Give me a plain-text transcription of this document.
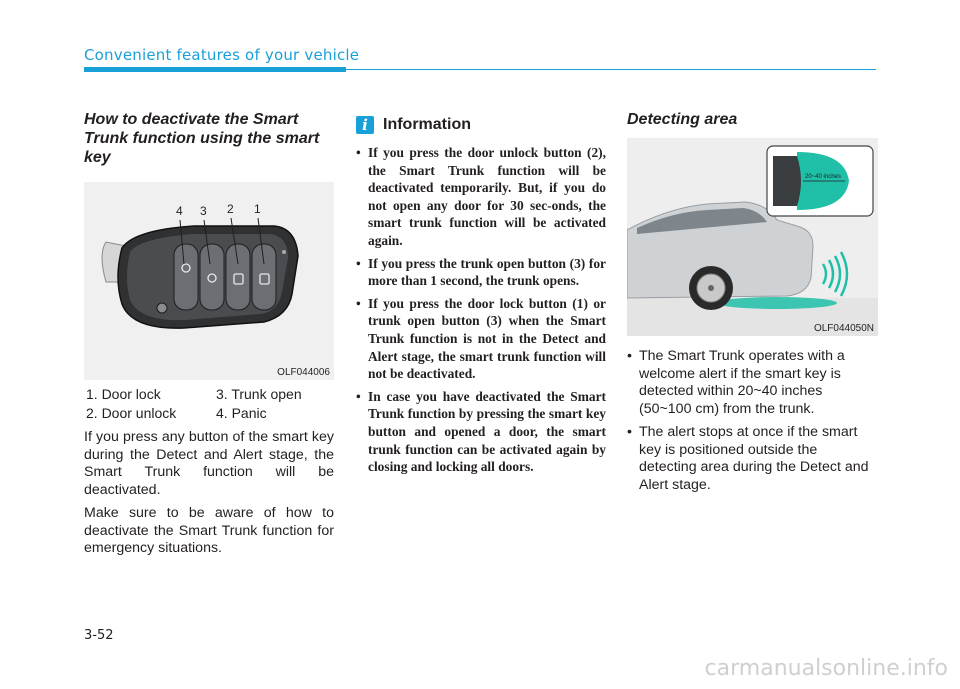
Convenient features of your vehicle
How to deactivate the Smart Trunk function using the smart key
4 3 2 1
OLF044006
1. Door lock	3. Trunk open
2. Door unlock	4. Panic

If you press any button of the smart key during the Detect and Alert stage, the Smart Trunk function will be deactivated.

Make sure to be aware of how to deactivate the Smart Trunk function for emergency situations.

i Information
• If you press the door unlock button (2), the Smart Trunk function will be deactivated temporarily. But, if you do not open any door for 30 sec-onds, the smart trunk function will be activated again.
• If you press the trunk open button (3) for more than 1 second, the trunk opens.
• If you press the door lock button (1) or trunk open button (3) when the Smart Trunk function is not in the Detect and Alert stage, the smart trunk function will not be deactivated.
• In case you have deactivated the Smart Trunk function by pressing the smart key button and opened a door, the smart trunk function can be activated again by closing and locking all doors.
Detecting area
20~40 inches
OLF044050N
• The Smart Trunk operates with a welcome alert if the smart key is detected within 20~40 inches (50~100 cm) from the trunk.
• The alert stops at once if the smart key is positioned outside the detecting area during the Detect and Alert stage.
3-52
carmanualsonline.info
